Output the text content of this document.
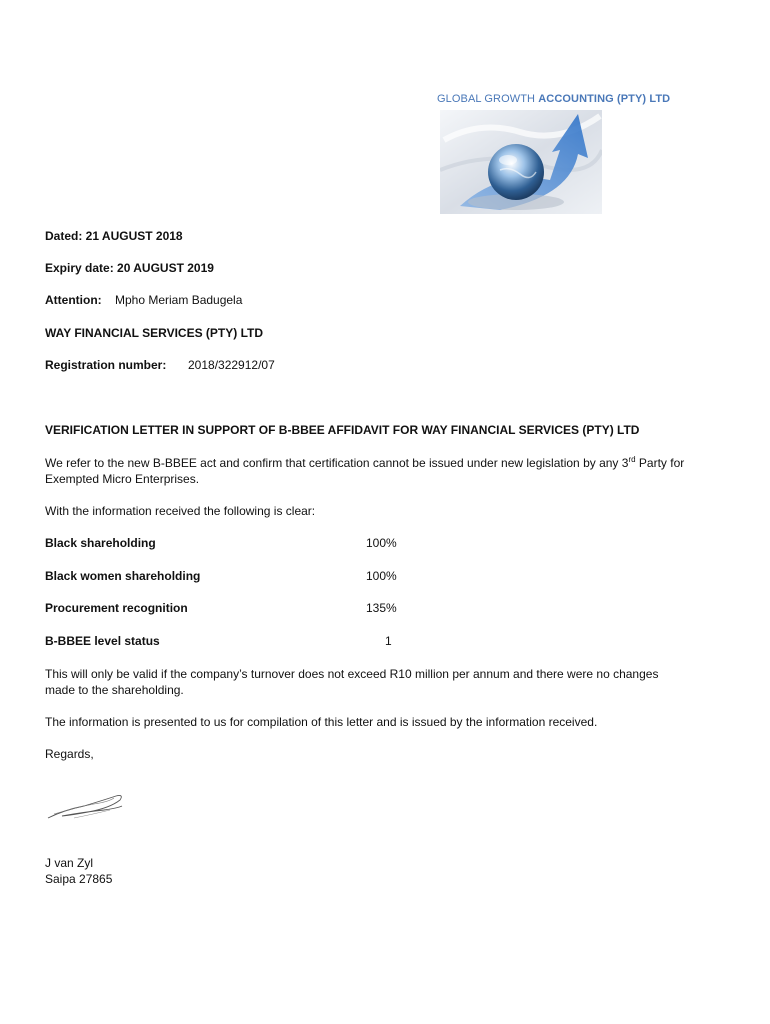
GLOBAL GROWTH ACCOUNTING (PTY) LTD
Dated: 21 AUGUST 2018
Expiry date: 20 AUGUST 2019
Attention: Mpho Meriam Badugela
WAY FINANCIAL SERVICES (PTY) LTD
Registration number: 2018/322912/07
VERIFICATION LETTER IN SUPPORT OF B-BBEE AFFIDAVIT FOR WAY FINANCIAL SERVICES (PTY) LTD
We refer to the new B-BBEE act and confirm that certification cannot be issued under new legislation by any 3rd Party for
Exempted Micro Enterprises.
With the information received the following is clear:
Black shareholding	100%
Black women shareholding	100%
Procurement recognition	135%
B-BBEE level status	1
This will only be valid if the company’s turnover does not exceed R10 million per annum and there were no changes
made to the shareholding.
The information is presented to us for compilation of this letter and is issued by the information received.
Regards,
J van Zyl
Saipa 27865
